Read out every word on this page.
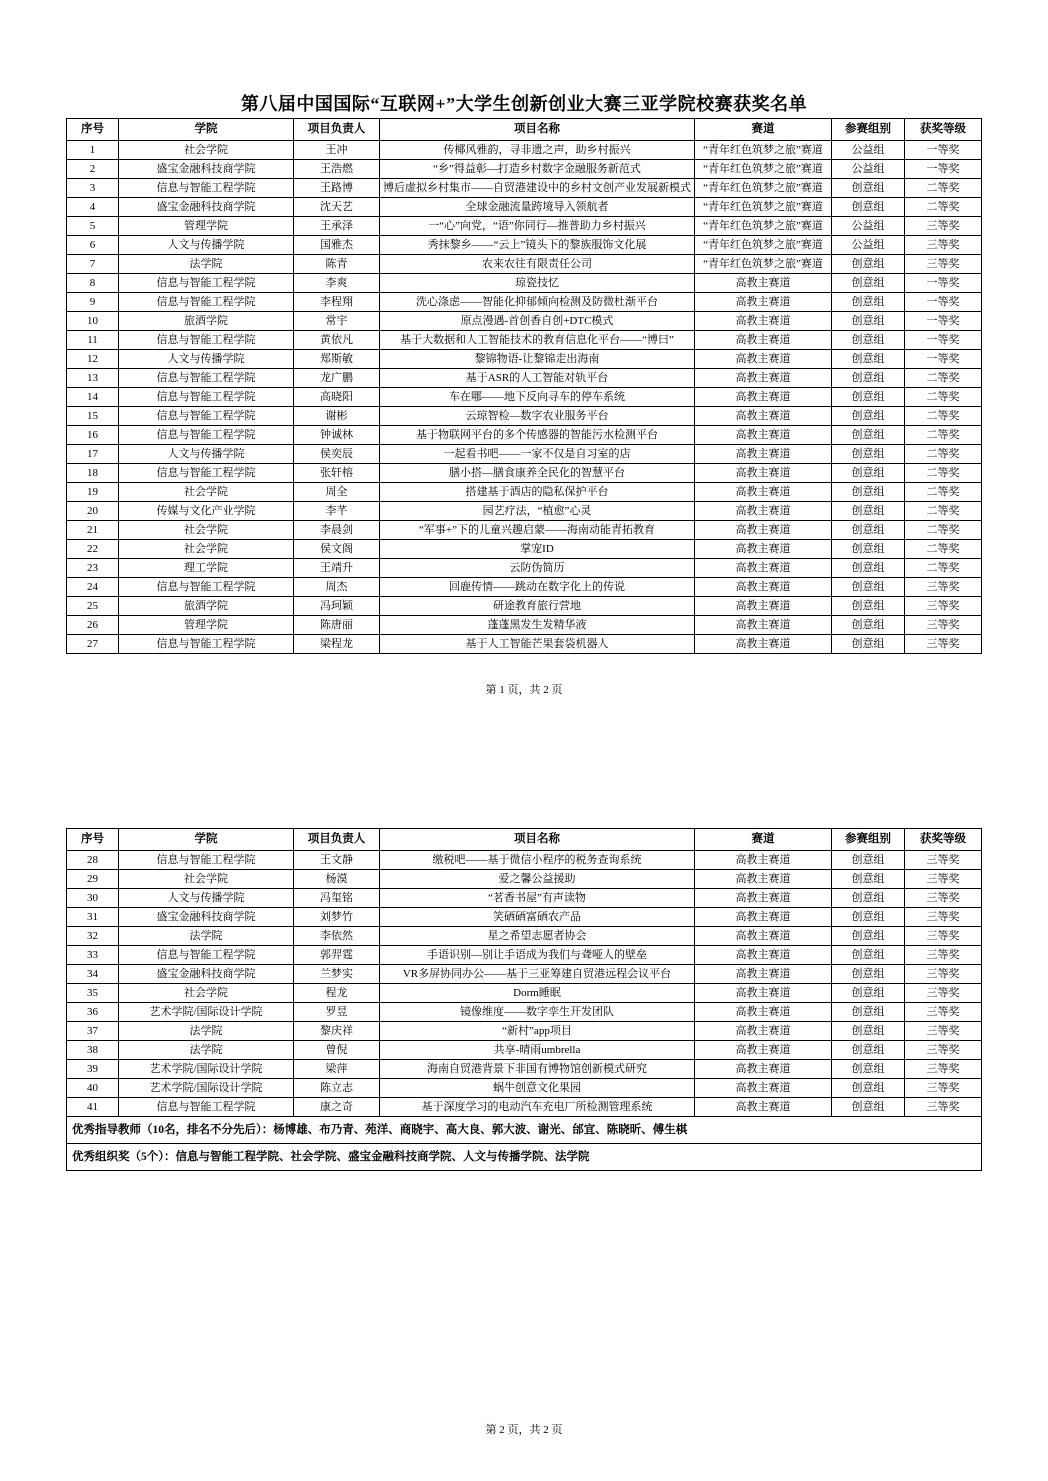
第八届中国国际“互联网+”大学生创新创业大赛三亚学院校赛获奖名单
序号	学院	项目负责人	项目名称	赛道	参赛组别	获奖等级
1	社会学院	王冲	传椰风雅韵，寻非遗之声，助乡村振兴	“青年红色筑梦之旅”赛道	公益组	一等奖
2	盛宝金融科技商学院	王浩燃	“乡”得益彰—打造乡村数字金融服务新范式	“青年红色筑梦之旅”赛道	公益组	一等奖
3	信息与智能工程学院	王路博	博后虚拟乡村集市——自贸港建设中的乡村文创产业发展新模式	“青年红色筑梦之旅”赛道	创意组	二等奖
4	盛宝金融科技商学院	沈天艺	全球金融流量跨境导入领航者	“青年红色筑梦之旅”赛道	创意组	二等奖
5	管理学院	王承泽	一“心”向党，“语”你同行—推普助力乡村振兴	“青年红色筑梦之旅”赛道	公益组	三等奖
6	人文与传播学院	国雅杰	秀抹黎乡——“云上”镜头下的黎族服饰文化展	“青年红色筑梦之旅”赛道	公益组	三等奖
7	法学院	陈青	农来农往有限责任公司	“青年红色筑梦之旅”赛道	创意组	三等奖
8	信息与智能工程学院	李爽	琼瓷技忆	高教主赛道	创意组	一等奖
9	信息与智能工程学院	李程翔	洗心涤虑——智能化抑郁倾向检测及防微杜渐平台	高教主赛道	创意组	一等奖
10	旅酒学院	常宇	原点漫遇-首创香自创+DTC模式	高教主赛道	创意组	一等奖
11	信息与智能工程学院	黄依凡	基于大数据和人工智能技术的教育信息化平台——“博曰”	高教主赛道	创意组	一等奖
12	人文与传播学院	郑斯敏	黎锦物语-让黎锦走出海南	高教主赛道	创意组	一等奖
13	信息与智能工程学院	龙广鹏	基于ASR的人工智能对轨平台	高教主赛道	创意组	二等奖
14	信息与智能工程学院	高晓阳	车在哪——地下反向寻车的停车系统	高教主赛道	创意组	二等奖
15	信息与智能工程学院	谢彬	云琼智检—数字农业服务平台	高教主赛道	创意组	二等奖
16	信息与智能工程学院	钟诚林	基于物联网平台的多个传感器的智能污水检测平台	高教主赛道	创意组	二等奖
17	人文与传播学院	侯奕辰	一起看书吧——一家不仅是自习室的店	高教主赛道	创意组	二等奖
18	信息与智能工程学院	张轩榕	膳小搭—膳食康养全民化的智慧平台	高教主赛道	创意组	二等奖
19	社会学院	周全	搭建基于酒店的隐私保护平台	高教主赛道	创意组	二等奖
20	传媒与文化产业学院	李芊	园艺疗法，“植愈”心灵	高教主赛道	创意组	二等奖
21	社会学院	李晨剑	“军事+”下的儿童兴趣启蒙——海南动能青拓教育	高教主赛道	创意组	二等奖
22	社会学院	侯文阁	掌宠ID	高教主赛道	创意组	二等奖
23	理工学院	王靖升	云防伪简历	高教主赛道	创意组	二等奖
24	信息与智能工程学院	周杰	回鹿传情——跳动在数字化上的传说	高教主赛道	创意组	三等奖
25	旅酒学院	冯珂颖	研途教育旅行营地	高教主赛道	创意组	三等奖
26	管理学院	陈唐丽	蓬蓬黑发生发精华液	高教主赛道	创意组	三等奖
27	信息与智能工程学院	梁程龙	基于人工智能芒果套袋机器人	高教主赛道	创意组	三等奖
第 1 页，共 2 页
序号	学院	项目负责人	项目名称	赛道	参赛组别	获奖等级
28	信息与智能工程学院	王文静	缴税吧——基于微信小程序的税务查询系统	高教主赛道	创意组	三等奖
29	社会学院	杨漠	爱之馨公益援助	高教主赛道	创意组	三等奖
30	人文与传播学院	冯玺铭	“茗香书屋”有声读物	高教主赛道	创意组	三等奖
31	盛宝金融科技商学院	刘梦竹	笑硒硒富硒农产品	高教主赛道	创意组	三等奖
32	法学院	李依然	星之希望志愿者协会	高教主赛道	创意组	三等奖
33	信息与智能工程学院	郭羿霆	手语识别—别让手语成为我们与聋哑人的壁垒	高教主赛道	创意组	三等奖
34	盛宝金融科技商学院	兰梦实	VR多屏协同办公——基于三亚筹建自贸港远程会议平台	高教主赛道	创意组	三等奖
35	社会学院	程龙	Dorm睡眠	高教主赛道	创意组	三等奖
36	艺术学院/国际设计学院	罗昱	镜像维度——数字孪生开发团队	高教主赛道	创意组	三等奖
37	法学院	黎庆祥	“新村”app项目	高教主赛道	创意组	三等奖
38	法学院	曾倪	共享-晴雨umbrella	高教主赛道	创意组	三等奖
39	艺术学院/国际设计学院	梁萍	海南自贸港背景下非国有博物馆创新模式研究	高教主赛道	创意组	三等奖
40	艺术学院/国际设计学院	陈立志	蜗牛创意文化果园	高教主赛道	创意组	三等奖
41	信息与智能工程学院	康之奇	基于深度学习的电动汽车充电厂所检测管理系统	高教主赛道	创意组	三等奖
优秀指导教师（10名，排名不分先后）：杨博雄、布乃青、苑洋、商晓宇、高大良、郭大波、谢光、邰宜、陈晓昕、傅生棋						
优秀组织奖（5个）：信息与智能工程学院、社会学院、盛宝金融科技商学院、人文与传播学院、法学院						
第 2 页，共 2 页
